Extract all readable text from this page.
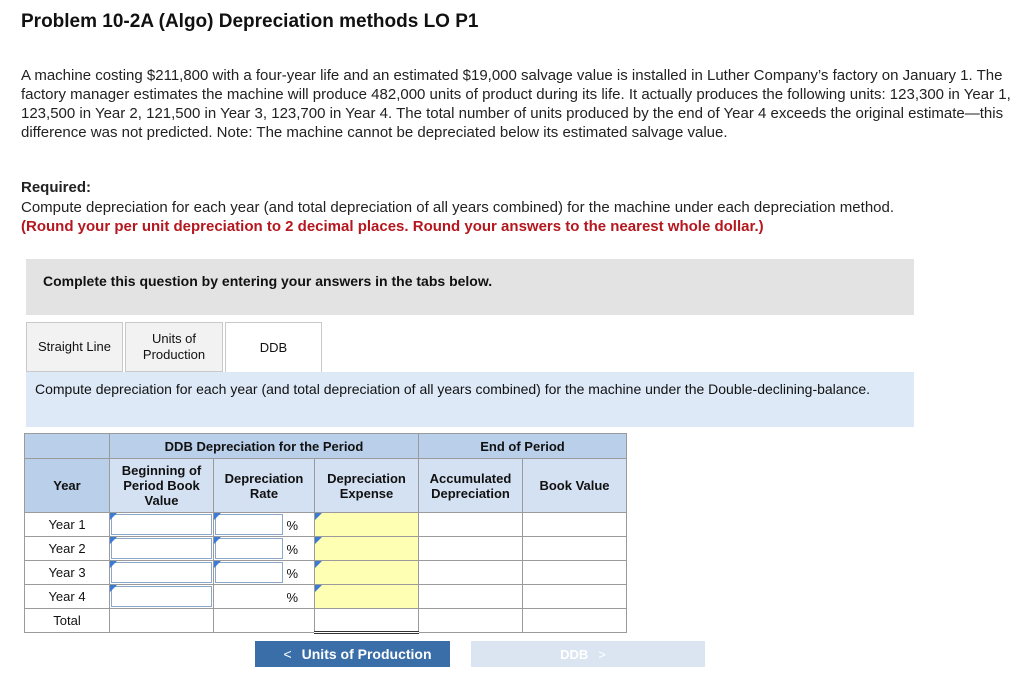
Problem 10-2A (Algo) Depreciation methods LO P1
A machine costing $211,800 with a four-year life and an estimated $19,000 salvage value is installed in Luther Company’s factory on January 1. The factory manager estimates the machine will produce 482,000 units of product during its life. It actually produces the following units: 123,300 in Year 1, 123,500 in Year 2, 121,500 in Year 3, 123,700 in Year 4. The total number of units produced by the end of Year 4 exceeds the original estimate—this difference was not predicted. Note: The machine cannot be depreciated below its estimated salvage value.
Required:
Compute depreciation for each year (and total depreciation of all years combined) for the machine under each depreciation method.
(Round your per unit depreciation to 2 decimal places. Round your answers to the nearest whole dollar.)
Complete this question by entering your answers in the tabs below.
Straight Line
Units of
Production	DDB
Compute depreciation for each year (and total depreciation of all years combined) for the machine under the Double-declining-balance.
	DDB Depreciation for the Period			End of Period	
Year	Beginning of Period Book Value	Depreciation Rate	Depreciation Expense	Accumulated Depreciation	Book Value
Year 1		%			

Year 2		%			

Year 3		%			

Year 4		%			

Total					
< Units of Production	DDB >
